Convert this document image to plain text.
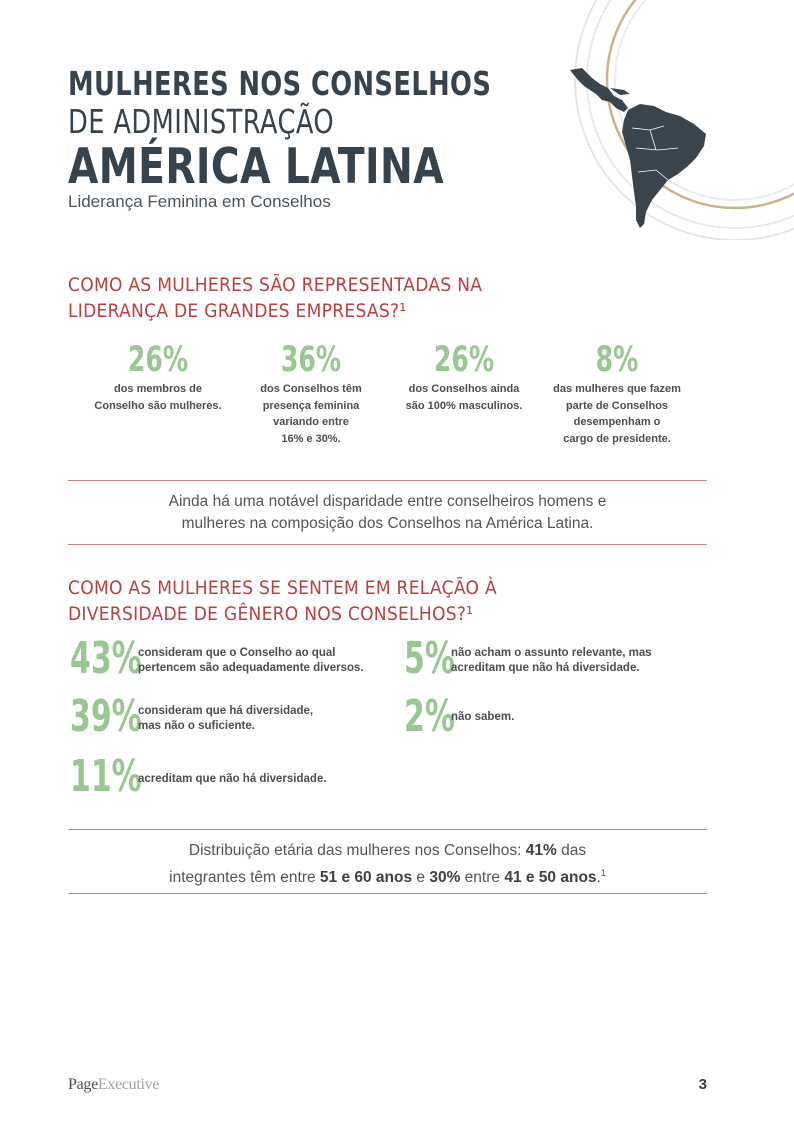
MULHERES NOS CONSELHOS
DE ADMINISTRAÇÃO
AMÉRICA LATINA
Liderança Feminina em Conselhos
COMO AS MULHERES SÃO REPRESENTADAS NA
LIDERANÇA DE GRANDES EMPRESAS?¹
26%
dos membros de
Conselho são mulheres.
36%
dos Conselhos têm
presença feminina
variando entre
16% e 30%.
26%
dos Conselhos ainda
são 100% masculinos.
8%
das mulheres que fazem
parte de Conselhos
desempenham o
cargo de presidente.
Ainda há uma notável disparidade entre conselheiros homens e
mulheres na composição dos Conselhos na América Latina.
COMO AS MULHERES SE SENTEM EM RELAÇÃO À
DIVERSIDADE DE GÊNERO NOS CONSELHOS?¹
43%
consideram que o Conselho ao qual
pertencem são adequadamente diversos.
39%
consideram que há diversidade,
mas não o suficiente.
11%
acreditam que não há diversidade.
5%
não acham o assunto relevante, mas
acreditam que não há diversidade.
2%
não sabem.
Distribuição etária das mulheres nos Conselhos: 41% das
integrantes têm entre 51 e 60 anos e 30% entre 41 e 50 anos.$^1$
PageExecutive	3
